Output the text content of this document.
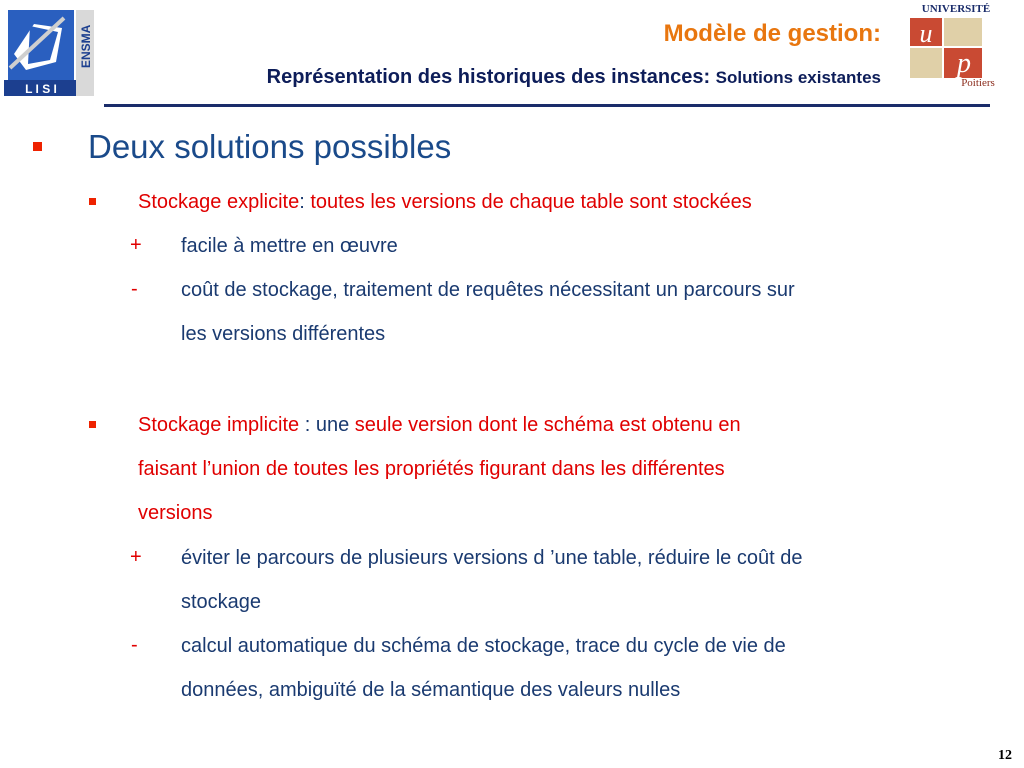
L I S I
ENSMA	Modèle de gestion:
Représentation des historiques des instances: Solutions existantes
UNIVERSITÉ
u
p
Poitiers
Deux solutions possibles
Stockage explicite: toutes les versions de chaque table sont stockées
+ facile à mettre en œuvre
- coût de stockage, traitement de requêtes nécessitant un parcours sur
les versions différentes
Stockage implicite : une seule version dont le schéma est obtenu en
faisant l’union de toutes les propriétés figurant dans les différentes
versions
+ éviter le parcours de plusieurs versions d ’une table, réduire le coût de
stockage
- calcul automatique du schéma de stockage, trace du cycle de vie de
données, ambiguïté de la sémantique des valeurs nulles
12
